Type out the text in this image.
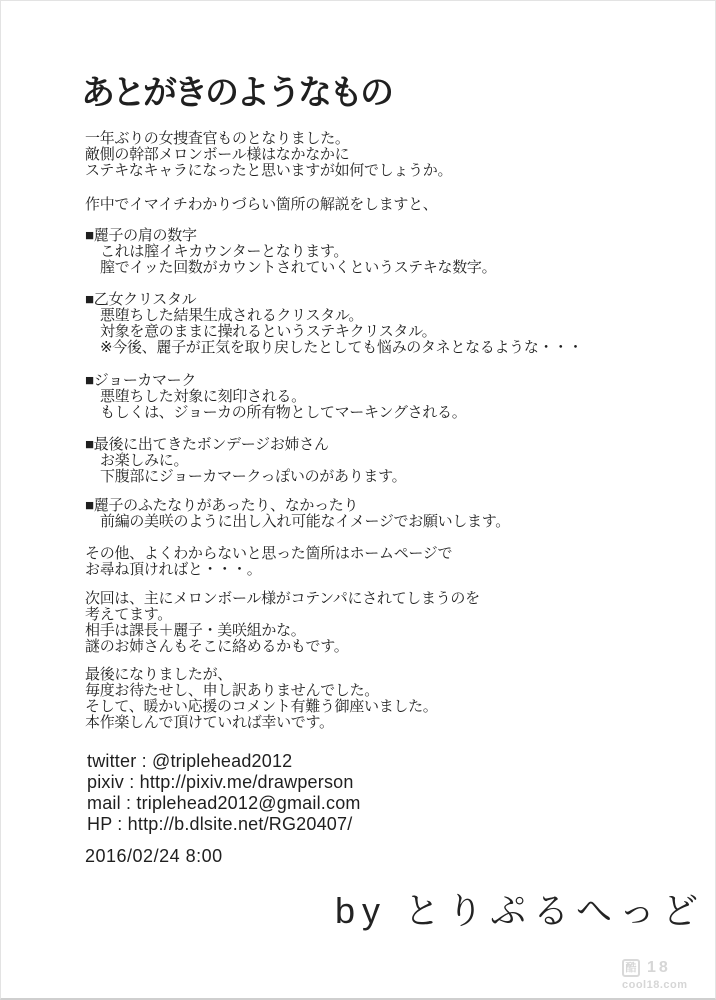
あとがきのようなもの
一年ぶりの女捜査官ものとなりました。
敵側の幹部メロンボール様はなかなかに
ステキなキャラになったと思いますが如何でしょうか。
作中でイマイチわかりづらい箇所の解説をしますと、
■麗子の肩の数字
これは膣イキカウンターとなります。
膣でイッた回数がカウントされていくというステキな数字。
■乙女クリスタル
悪堕ちした結果生成されるクリスタル。
対象を意のままに操れるというステキクリスタル。
※今後、麗子が正気を取り戻したとしても悩みのタネとなるような・・・
■ジョーカマーク
悪堕ちした対象に刻印される。
もしくは、ジョーカの所有物としてマーキングされる。
■最後に出てきたボンデージお姉さん
お楽しみに。
下腹部にジョーカマークっぽいのがあります。
■麗子のふたなりがあったり、なかったり
前編の美咲のように出し入れ可能なイメージでお願いします。
その他、よくわからないと思った箇所はホームページで
お尋ね頂ければと・・・。
次回は、主にメロンボール様がコテンパにされてしまうのを
考えてます。
相手は課長＋麗子・美咲組かな。
謎のお姉さんもそこに絡めるかもです。
最後になりましたが、
毎度お待たせし、申し訳ありませんでした。
そして、暖かい応援のコメント有難う御座いました。
本作楽しんで頂けていれば幸いです。
twitter : @triplehead2012
pixiv : http://pixiv.me/drawperson
mail : triplehead2012@gmail.com
HP : http://b.dlsite.net/RG20407/
2016/02/24 8:00
by とりぷるへっど
酷 18
cool18.com
